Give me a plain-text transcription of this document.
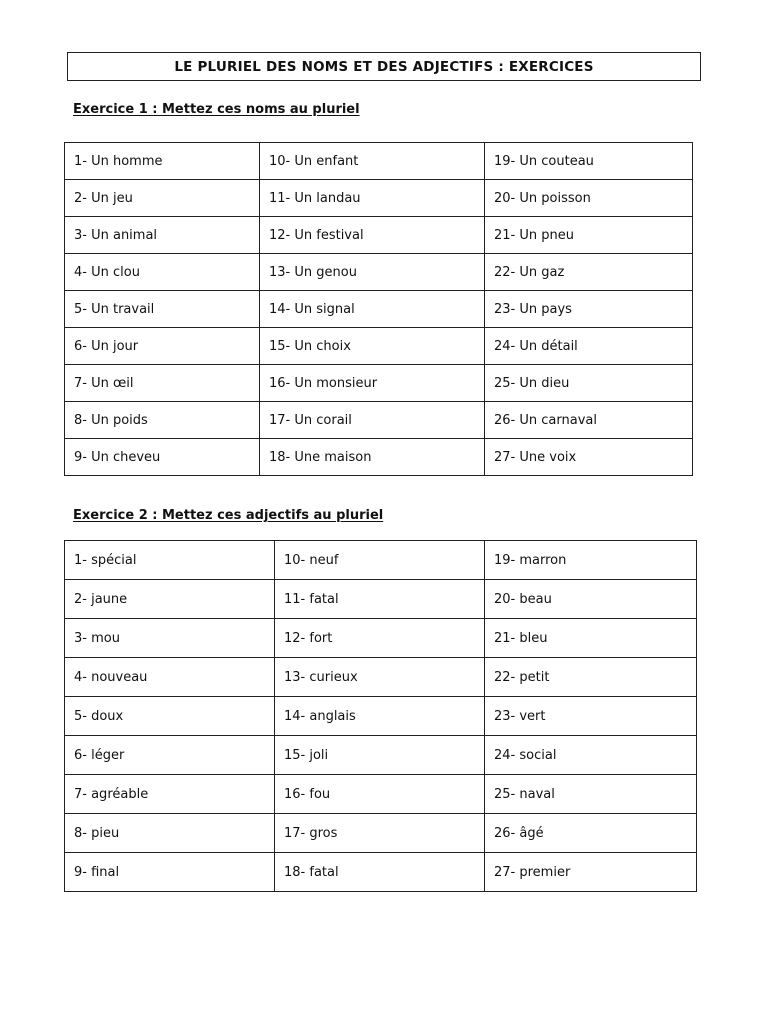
LE PLURIEL DES NOMS ET DES ADJECTIFS : EXERCICES
Exercice 1 : Mettez ces noms au pluriel
1- Un homme	10- Un enfant	19- Un couteau
2- Un jeu	11- Un landau	20- Un poisson
3- Un animal	12- Un festival	21- Un pneu
4- Un clou	13- Un genou	22- Un gaz
5- Un travail	14- Un signal	23- Un pays
6- Un jour	15- Un choix	24- Un détail
7- Un œil	16- Un monsieur	25- Un dieu
8- Un poids	17- Un corail	26- Un carnaval
9- Un cheveu	18- Une maison	27- Une voix
Exercice 2 : Mettez ces adjectifs au pluriel
1- spécial	10- neuf	19- marron
2- jaune	11- fatal	20- beau
3- mou	12- fort	21- bleu
4- nouveau	13- curieux	22- petit
5- doux	14- anglais	23- vert
6- léger	15- joli	24- social
7- agréable	16- fou	25- naval
8- pieu	17- gros	26- âgé
9- final	18- fatal	27- premier
